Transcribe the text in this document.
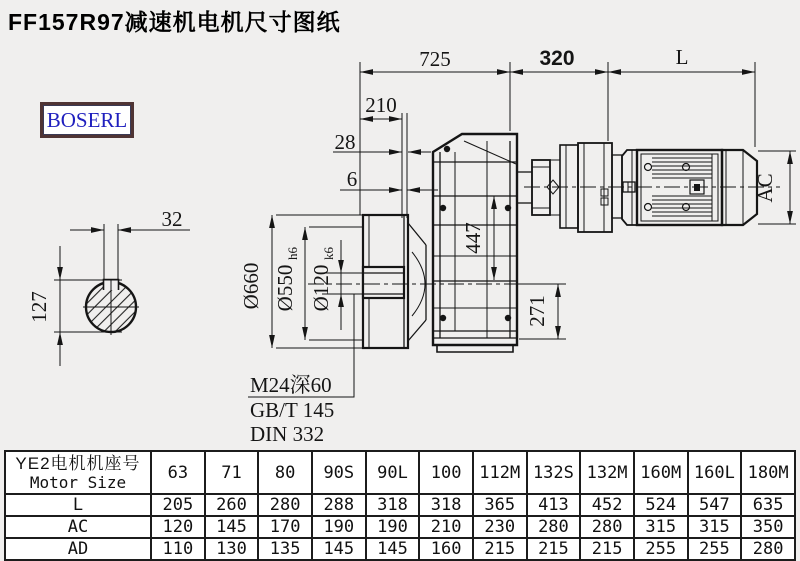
FF157R97减速机电机尺寸图纸
BOSERL
725	320	L
210
28
6
447
271
AC
Ø660 Ø550
h6
Ø120
k6
32
127
M24深60
GB/T 145
DIN 332
YE2电机机座号
Motor Size	63	71	80	90S	90L	100	112M	132S	132M	160M	160L	180M
L	205	260	280	288	318	318	365	413	452	524	547	635
AC	120	145	170	190	190	210	230	280	280	315	315	350
AD	110	130	135	145	145	160	215	215	215	255	255	280
